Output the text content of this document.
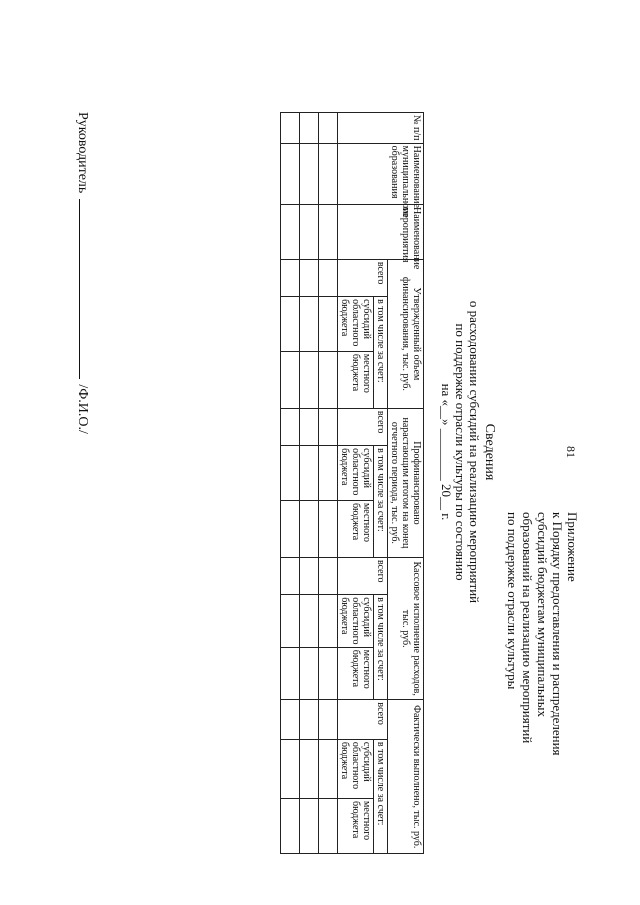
81
Приложение
к Порядку предоставления и распределения
субсидий бюджетам муниципальных
образований на реализацию мероприятий
по поддержке отрасли культуры
Сведения
о расходовании субсидий на реализацию мероприятий
по поддержке отрасли культуры по состоянию
на «__» ________ 20__ г.
№ п/п	Наименование муниципального образования	Наименование мероприятия	Утвержденный объем финансирования, тыс. руб.			Профинансировано нарастающим итогом на конец отчетного периода, тыс. руб.			Кассовое исполнение расходов, тыс. руб.			Фактически выполнено, тыс. руб.		
			всего	в том числе за счет:		всего	в том числе за счет:		всего	в том числе за счет:		всего	в том числе за счет:	
				субсидий областного бюджета	местного бюджета		субсидий областного бюджета	местного бюджета		субсидий областного бюджета	местного бюджета		субсидий областного бюджета	местного бюджета

Руководитель  /Ф.И.О./
